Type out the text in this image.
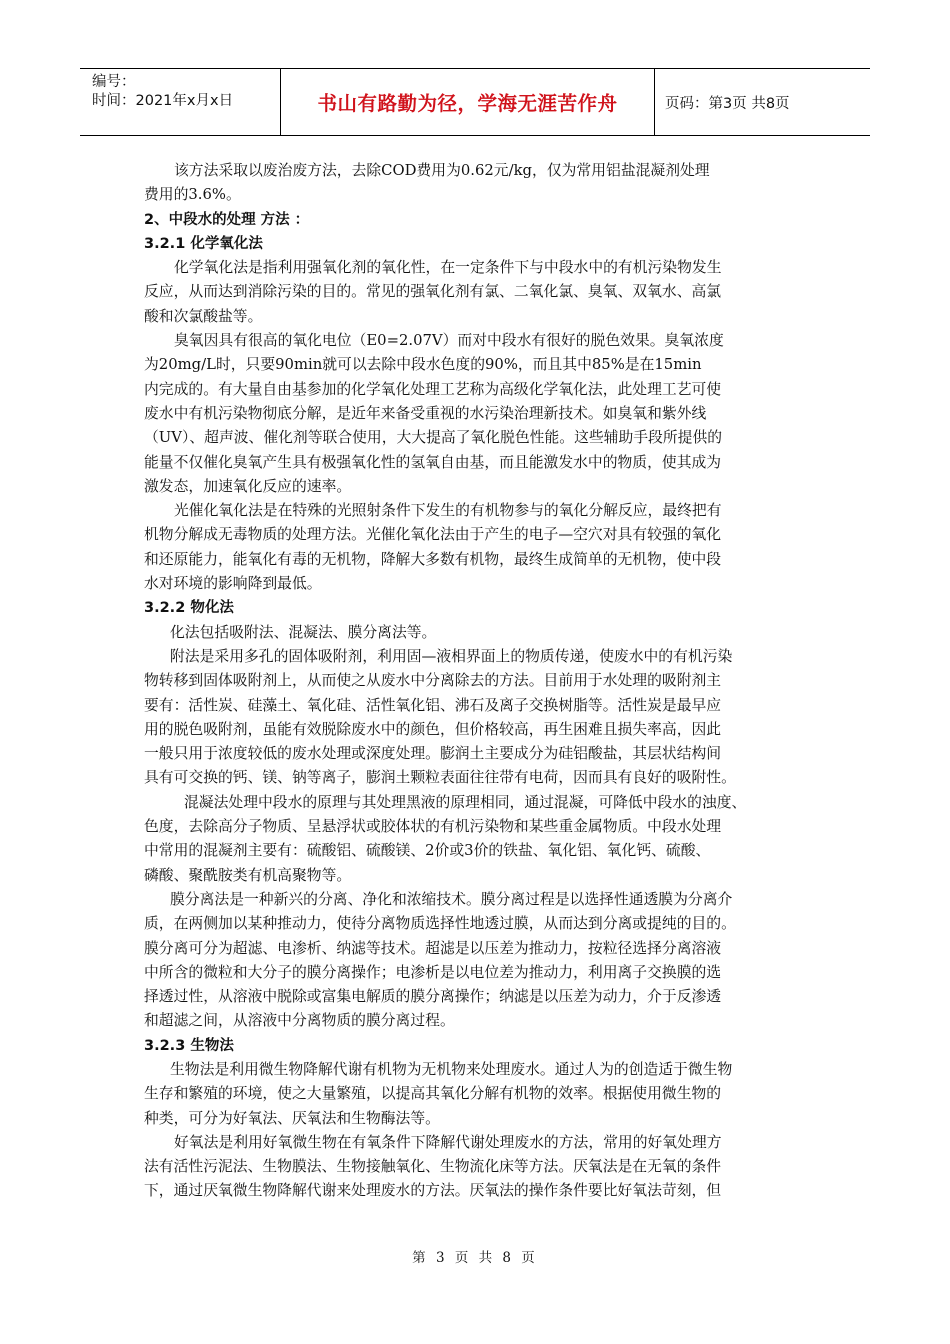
编号：
时间：2021年x月x日	书山有路勤为径，学海无涯苦作舟	页码：第3页 共8页
该方法采取以废治废方法，去除COD费用为0.62元/kg，仅为常用铝盐混凝剂处理
费用的3.6%。
2、中段水的处理 方法 ：
3.2.1 化学氧化法
化学氧化法是指利用强氧化剂的氧化性，在一定条件下与中段水中的有机污染物发生
反应，从而达到消除污染的目的。常见的强氧化剂有氯、二氧化氯、臭氧、双氧水、高氯
酸和次氯酸盐等。
臭氧因具有很高的氧化电位（E0=2.07V）而对中段水有很好的脱色效果。臭氧浓度
为20mg/L时，只要90min就可以去除中段水色度的90%，而且其中85%是在15min
内完成的。有大量自由基参加的化学氧化处理工艺称为高级化学氧化法，此处理工艺可使
废水中有机污染物彻底分解，是近年来备受重视的水污染治理新技术。如臭氧和紫外线
（UV）、超声波、催化剂等联合使用，大大提高了氧化脱色性能。这些辅助手段所提供的
能量不仅催化臭氧产生具有极强氧化性的氢氧自由基，而且能激发水中的物质，使其成为
激发态，加速氧化反应的速率。
光催化氧化法是在特殊的光照射条件下发生的有机物参与的氧化分解反应，最终把有
机物分解成无毒物质的处理方法。光催化氧化法由于产生的电子—空穴对具有较强的氧化
和还原能力，能氧化有毒的无机物，降解大多数有机物，最终生成简单的无机物，使中段
水对环境的影响降到最低。
3.2.2 物化法
化法包括吸附法、混凝法、膜分离法等。
附法是采用多孔的固体吸附剂，利用固—液相界面上的物质传递，使废水中的有机污染
物转移到固体吸附剂上，从而使之从废水中分离除去的方法。目前用于水处理的吸附剂主
要有：活性炭、硅藻土、氧化硅、活性氧化铝、沸石及离子交换树脂等。活性炭是最早应
用的脱色吸附剂，虽能有效脱除废水中的颜色，但价格较高，再生困难且损失率高，因此
一般只用于浓度较低的废水处理或深度处理。膨润土主要成分为硅铝酸盐，其层状结构间
具有可交换的钙、镁、钠等离子，膨润土颗粒表面往往带有电荷，因而具有良好的吸附性。
混凝法处理中段水的原理与其处理黑液的原理相同，通过混凝，可降低中段水的浊度、
色度，去除高分子物质、呈悬浮状或胶体状的有机污染物和某些重金属物质。中段水处理
中常用的混凝剂主要有：硫酸铝、硫酸镁、2价或3价的铁盐、氧化铝、氧化钙、硫酸、
磷酸、聚酰胺类有机高聚物等。
膜分离法是一种新兴的分离、净化和浓缩技术。膜分离过程是以选择性通透膜为分离介
质，在两侧加以某种推动力，使待分离物质选择性地透过膜，从而达到分离或提纯的目的。
膜分离可分为超滤、电渗析、纳滤等技术。超滤是以压差为推动力，按粒径选择分离溶液
中所含的微粒和大分子的膜分离操作；电渗析是以电位差为推动力，利用离子交换膜的选
择透过性，从溶液中脱除或富集电解质的膜分离操作；纳滤是以压差为动力，介于反渗透
和超滤之间，从溶液中分离物质的膜分离过程。
3.2.3 生物法
生物法是利用微生物降解代谢有机物为无机物来处理废水。通过人为的创造适于微生物
生存和繁殖的环境，使之大量繁殖，以提高其氧化分解有机物的效率。根据使用微生物的
种类，可分为好氧法、厌氧法和生物酶法等。
好氧法是利用好氧微生物在有氧条件下降解代谢处理废水的方法，常用的好氧处理方
法有活性污泥法、生物膜法、生物接触氧化、生物流化床等方法。厌氧法是在无氧的条件
下，通过厌氧微生物降解代谢来处理废水的方法。厌氧法的操作条件要比好氧法苛刻，但
第 3 页 共 8 页
